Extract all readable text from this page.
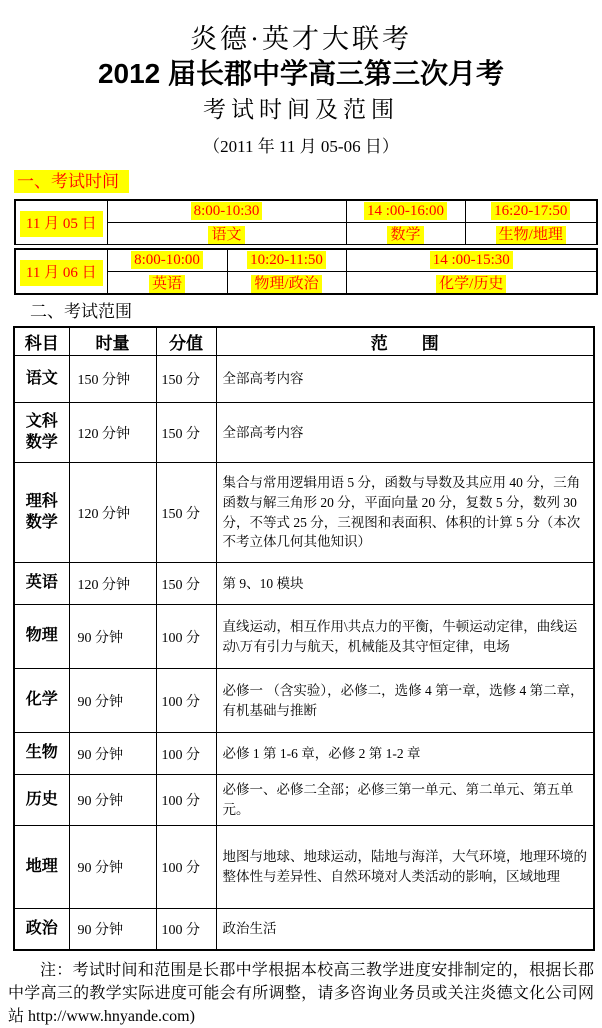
炎德·英才大联考
2012 届长郡中学高三第三次月考
考试时间及范围
（2011 年 11 月 05-06 日）
一、考试时间
11 月 05 日	8:00-10:30	14 :00-16:00	16:20-17:50
	语文	数学	生物/地理
11 月 06 日	8:00-10:00	10:20-11:50	14 :00-15:30
	英语	物理/政治	化学/历史
二、考试范围
科目	时量	分值	范　　围
语文	150 分钟	150 分	全部高考内容
文科数学	120 分钟	150 分	全部高考内容
理科数学	120 分钟	150 分	集合与常用逻辑用语 5 分，函数与导数及其应用 40 分，三角函数与解三角形 20 分，平面向量 20 分，复数 5 分，数列 30 分，不等式 25 分，三视图和表面积、体积的计算 5 分（本次不考立体几何其他知识）
英语	120 分钟	150 分	第 9、10 模块
物理	90 分钟	100 分	直线运动，相互作用\共点力的平衡，牛顿运动定律，曲线运动\万有引力与航天，机械能及其守恒定律，电场
化学	90 分钟	100 分	必修一 （含实验），必修二，选修 4 第一章，选修 4 第二章，有机基础与推断
生物	90 分钟	100 分	必修 1 第 1-6 章，必修 2 第 1-2 章
历史	90 分钟	100 分	必修一、必修二全部；必修三第一单元、第二单元、第五单元。
地理	90 分钟	100 分	地图与地球、地球运动，陆地与海洋，大气环境，地理环境的整体性与差异性、自然环境对人类活动的影响，区域地理
政治	90 分钟	100 分	政治生活

注：考试时间和范围是长郡中学根据本校高三教学进度安排制定的，根据长郡中学高三的教学实际进度可能会有所调整，请多咨询业务员或关注炎德文化公司网站 http://www.hnyande.com)
